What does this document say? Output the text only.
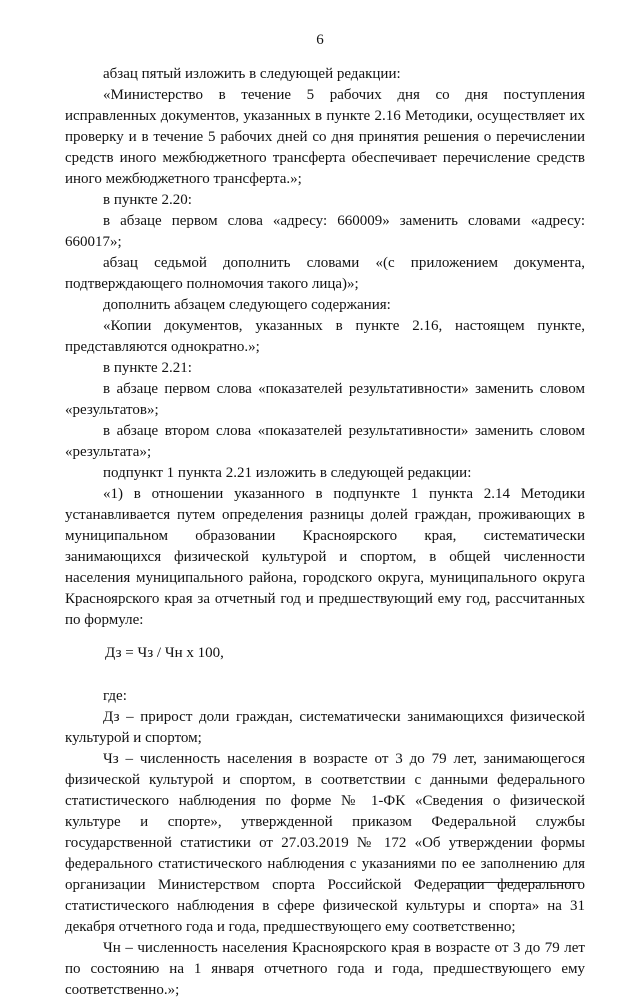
6

абзац пятый изложить в следующей редакции:

«Министерство в течение 5 рабочих дня со дня поступления исправленных документов, указанных в пункте 2.16 Методики, осуществляет их проверку и в течение 5 рабочих дней со дня принятия решения о перечислении средств иного межбюджетного трансферта обеспечивает перечисление средств иного межбюджетного трансферта.»;

в пункте 2.20:

в абзаце первом слова «адресу: 660009» заменить словами «адресу: 660017»;

абзац седьмой дополнить словами «(с приложением документа, подтверждающего полномочия такого лица)»;

дополнить абзацем следующего содержания:

«Копии документов, указанных в пункте 2.16, настоящем пункте, представляются однократно.»;

в пункте 2.21:

в абзаце первом слова «показателей результативности» заменить словом «результатов»;

в абзаце втором слова «показателей результативности» заменить словом «результата»;

подпункт 1 пункта 2.21 изложить в следующей редакции:

«1) в отношении указанного в подпункте 1 пункта 2.14 Методики устанавливается путем определения разницы долей граждан, проживающих в муниципальном образовании Красноярского края, систематически занимающихся физической культурой и спортом, в общей численности населения муниципального района, городского округа, муниципального округа Красноярского края за отчетный год и предшествующий ему год, рассчитанных по формуле:

Дз = Чз / Чн х 100,

где:

Дз – прирост доли граждан, систематически занимающихся физической культурой и спортом;

Чз – численность населения в возрасте от 3 до 79 лет, занимающегося физической культурой и спортом, в соответствии с данными федерального статистического наблюдения по форме № 1-ФК «Сведения о физической культуре и спорте», утвержденной приказом Федеральной службы государственной статистики от 27.03.2019 № 172 «Об утверждении формы федерального статистического наблюдения с указаниями по ее заполнению для организации Министерством спорта Российской Федерации федерального статистического наблюдения в сфере физической культуры и спорта» на 31 декабря отчетного года и года, предшествующего ему соответственно;

Чн – численность населения Красноярского края в возрасте от 3 до 79 лет по состоянию на 1 января отчетного года и года, предшествующего ему соответственно.»;
